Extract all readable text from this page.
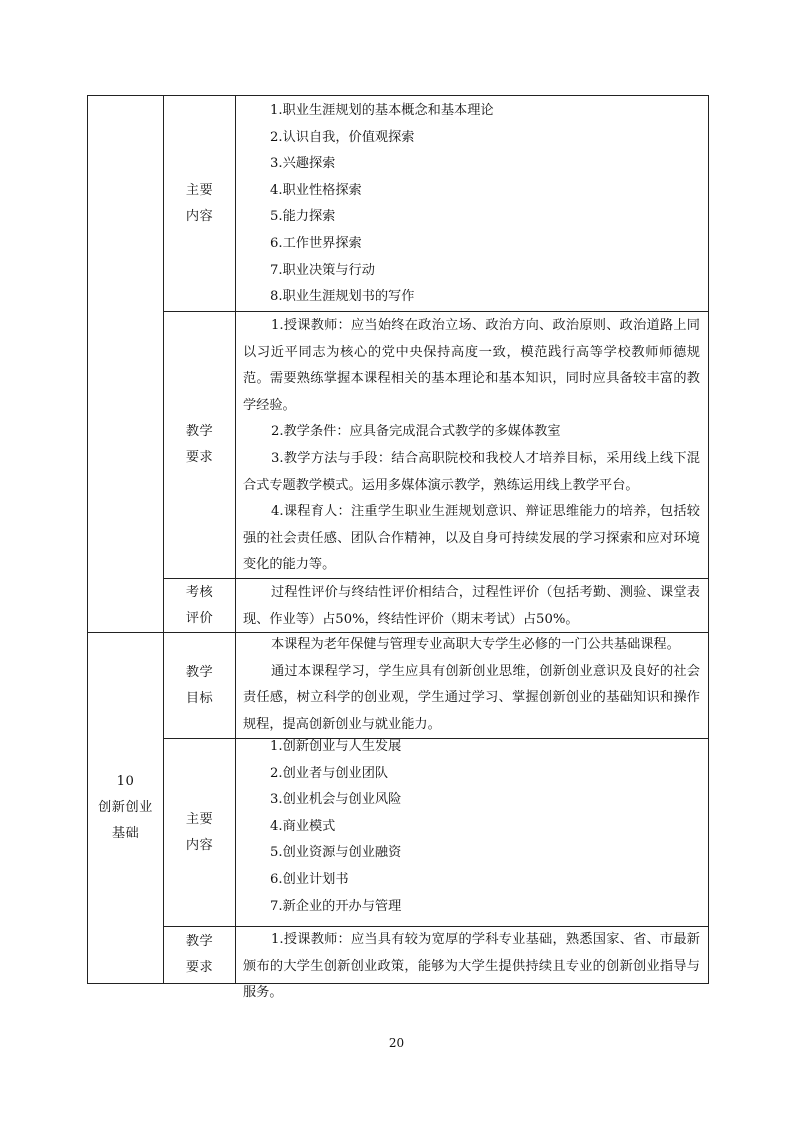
主要
内容
1.职业生涯规划的基本概念和基本理论
2.认识自我，价值观探索
3.兴趣探索
4.职业性格探索
5.能力探索
6.工作世界探索
7.职业决策与行动
8.职业生涯规划书的写作
教学
要求

1.授课教师：应当始终在政治立场、政治方向、政治原则、政治道路上同以习近平同志为核心的党中央保持高度一致，模范践行高等学校教师师德规范。需要熟练掌握本课程相关的基本理论和基本知识，同时应具备较丰富的教学经验。

2.教学条件：应具备完成混合式教学的多媒体教室

3.教学方法与手段：结合高职院校和我校人才培养目标，采用线上线下混合式专题教学模式。运用多媒体演示教学，熟练运用线上教学平台。

4.课程育人：注重学生职业生涯规划意识、辩证思维能力的培养，包括较强的社会责任感、团队合作精神，以及自身可持续发展的学习探索和应对环境变化的能力等。

考核
评价

过程性评价与终结性评价相结合，过程性评价（包括考勤、测验、课堂表现、作业等）占50%，终结性评价（期末考试）占50%。

10
创新创业
基础
教学
目标

本课程为老年保健与管理专业高职大专学生必修的一门公共基础课程。

通过本课程学习，学生应具有创新创业思维，创新创业意识及良好的社会责任感，树立科学的创业观，学生通过学习、掌握创新创业的基础知识和操作规程，提高创新创业与就业能力。

主要
内容
1.创新创业与人生发展
2.创业者与创业团队
3.创业机会与创业风险
4.商业模式
5.创业资源与创业融资
6.创业计划书
7.新企业的开办与管理
教学
要求

1.授课教师：应当具有较为宽厚的学科专业基础，熟悉国家、省、市最新颁布的大学生创新创业政策，能够为大学生提供持续且专业的创新创业指导与服务。

20
